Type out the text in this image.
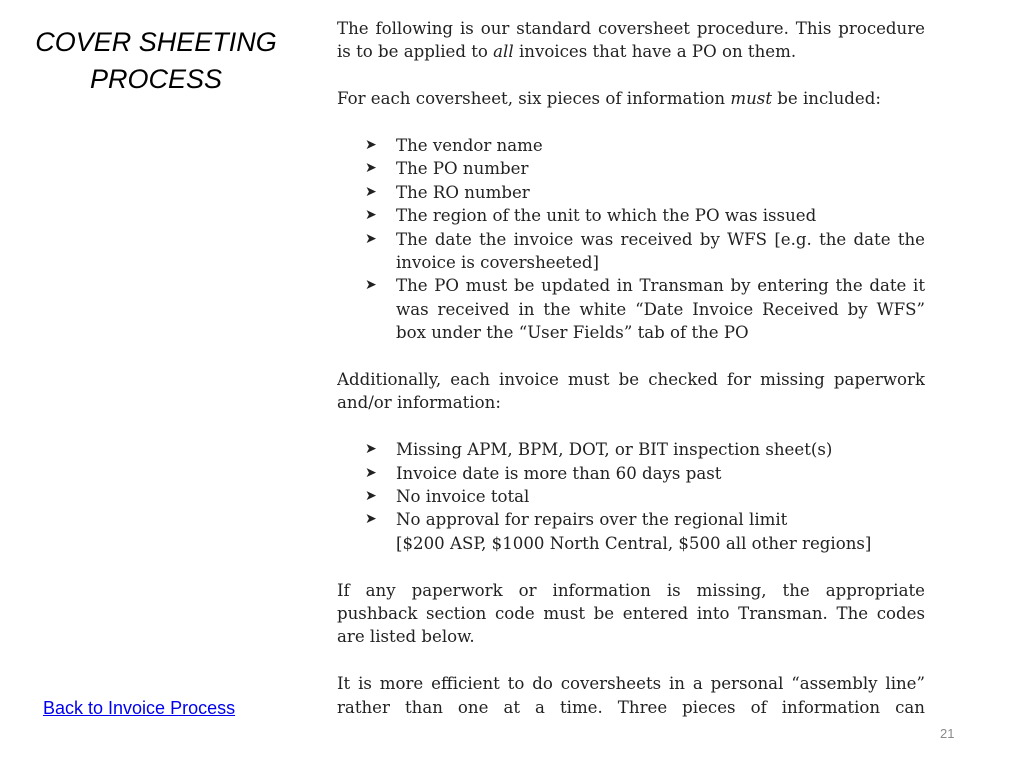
COVER SHEETING PROCESS

The following is our standard coversheet procedure. This procedure is to be applied to all invoices that have a PO on them.

For each coversheet, six pieces of information must be included:

➤ The vendor name
➤ The PO number
➤ The RO number
➤ The region of the unit to which the PO was issued
➤ The date the invoice was received by WFS [e.g. the date the invoice is coversheeted]
➤ The PO must be updated in Transman by entering the date it was received in the white “Date Invoice Received by WFS” box under the “User Fields” tab of the PO

Additionally, each invoice must be checked for missing paperwork and/or information:

➤ Missing APM, BPM, DOT, or BIT inspection sheet(s)
➤ Invoice date is more than 60 days past
➤ No invoice total
➤ No approval for repairs over the regional limit
[$200 ASP, $1000 North Central, $500 all other regions]

If any paperwork or information is missing, the appropriate pushback section code must be entered into Transman. The codes are listed below.

It is more efficient to do coversheets in a personal “assembly line” rather than one at a time. Three pieces of information can

Back to Invoice Process
21
